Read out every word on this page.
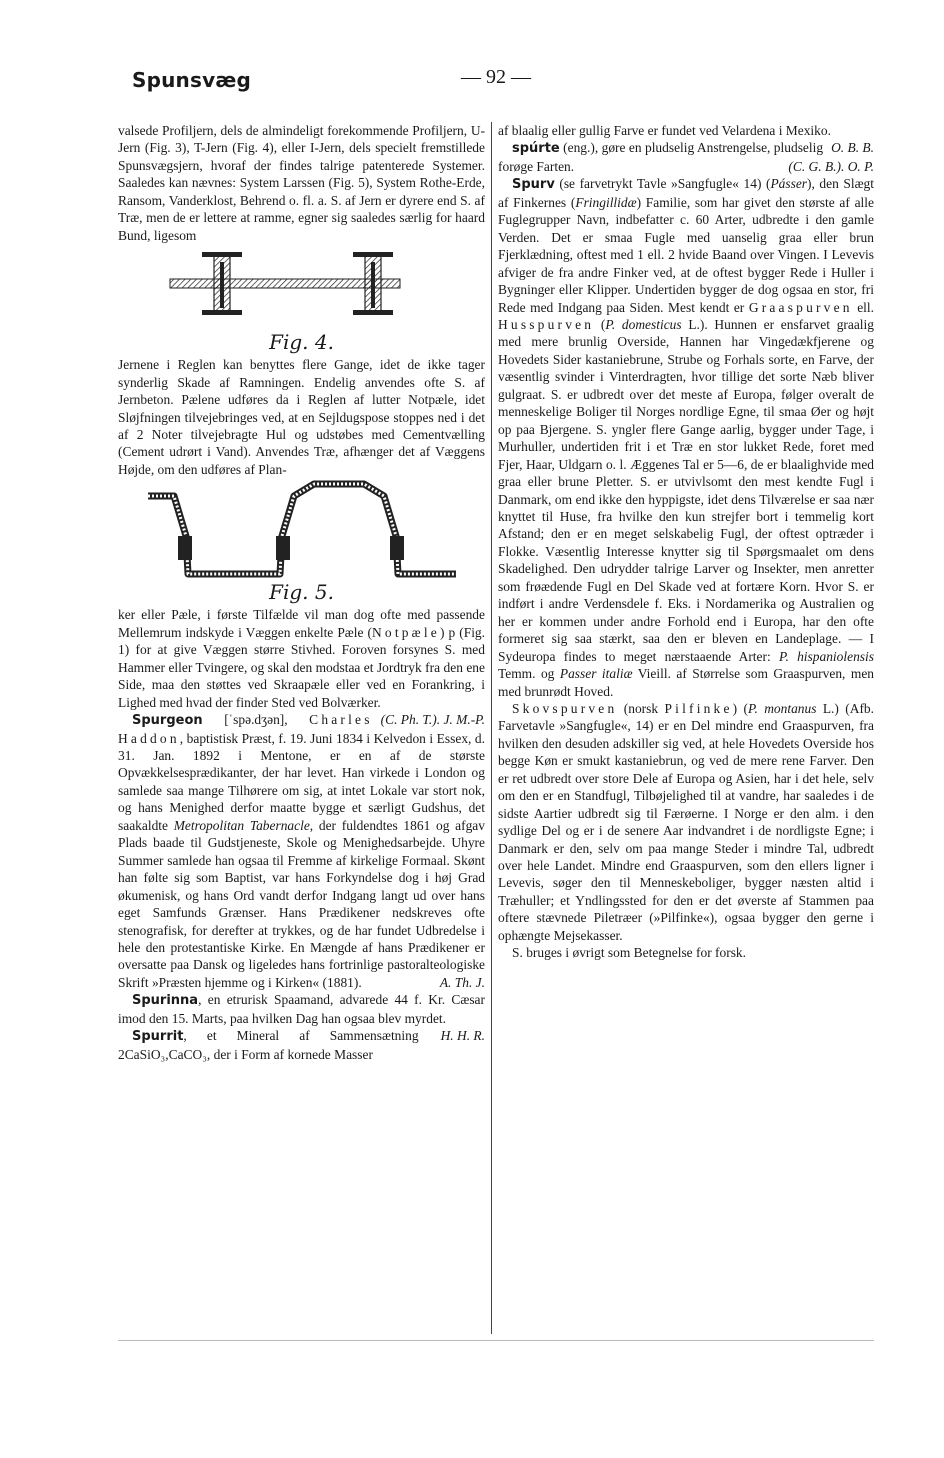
Spunsvæg	— 92 —

valsede Profiljern, dels de almindeligt forekommende Profiljern, U-Jern (Fig. 3), T-Jern (Fig. 4), eller I-Jern, dels specielt fremstillede Spunsvægsjern, hvoraf der findes talrige patenterede Systemer. Saaledes kan nævnes: System Larssen (Fig. 5), System Rothe-Erde, Ransom, Vanderklost, Behrend o. fl. a. S. af Jern er dyrere end S. af Træ, men de er lettere at ramme, egner sig saaledes særlig for haard Bund, ligesom

Fig. 4.

Jernene i Reglen kan benyttes flere Gange, idet de ikke tager synderlig Skade af Ramningen. Endelig anvendes ofte S. af Jernbeton. Pælene udføres da i Reglen af lutter Notpæle, idet Sløjfningen tilvejebringes ved, at en Sejldugspose stoppes ned i det af 2 Noter tilvejebragte Hul og udstøbes med Cementvælling (Cement udrørt i Vand). Anvendes Træ, afhænger det af Væggens Højde, om den udføres af Plan-

Fig. 5.

ker eller Pæle, i første Tilfælde vil man dog ofte med passende Mellemrum indskyde i Væggen enkelte Pæle (Notpæle) p (Fig. 1) for at give Væggen større Stivhed. Foroven forsynes S. med Hammer eller Tvingere, og skal den modstaa et Jordtryk fra den ene Side, maa den støttes ved Skraapæle eller ved en Forankring, i Lighed med hvad der finder Sted ved Bolværker.
(C. Ph. T.). J. M.-P.

Spurgeon [ˈspə.dʒən], Charles Haddon, baptistisk Præst, f. 19. Juni 1834 i Kelvedon i Essex, d. 31. Jan. 1892 i Mentone, er en af de største Opvækkelsesprædikanter, der har levet. Han virkede i London og samlede saa mange Tilhørere om sig, at intet Lokale var stort nok, og hans Menighed derfor maatte bygge et særligt Gudshus, det saakaldte Metropolitan Tabernacle, der fuldendtes 1861 og afgav Plads baade til Gudstjeneste, Skole og Menighedsarbejde. Uhyre Summer samlede han ogsaa til Fremme af kirkelige Formaal. Skønt han følte sig som Baptist, var hans Forkyndelse dog i høj Grad økumenisk, og hans Ord vandt derfor Indgang langt ud over hans eget Samfunds Grænser. Hans Prædikener nedskreves ofte stenografisk, for derefter at trykkes, og de har fundet Udbredelse i hele den protestantiske Kirke. En Mængde af hans Prædikener er oversatte paa Dansk og ligeledes hans fortrinlige pastoralteologiske Skrift »Præsten hjemme og i Kirken« (1881).	A. Th. J.

Spurinna, en etrurisk Spaamand, advarede 44 f. Kr. Cæsar imod den 15. Marts, paa hvilken Dag han ogsaa blev myrdet.
H. H. R.

Spurrit, et Mineral af Sammensætning 2CaSiO₃,CaCO₃, der i Form af kornede Masser

af blaalig eller gullig Farve er fundet ved Velardena i Mexiko.
O. B. B.

spúrte (eng.), gøre en pludselig Anstrengelse, pludselig forøge Farten.	(C. G. B.). O. P.

Spurv (se farvetrykt Tavle »Sangfugle« 14) (Pásser), den Slægt af Finkernes (Fringillidæ) Familie, som har givet den største af alle Fuglegrupper Navn, indbefatter c. 60 Arter, udbredte i den gamle Verden. Det er smaa Fugle med uanselig graa eller brun Fjerklædning, oftest med 1 ell. 2 hvide Baand over Vingen. I Levevis afviger de fra andre Finker ved, at de oftest bygger Rede i Huller i Bygninger eller Klipper. Undertiden bygger de dog ogsaa en stor, fri Rede med Indgang paa Siden. Mest kendt er Graaspurven ell. Husspurven (P. domesticus L.). Hunnen er ensfarvet graalig med mere brunlig Overside, Hannen har Vingedækfjerene og Hovedets Sider kastaniebrune, Strube og Forhals sorte, en Farve, der væsentlig svinder i Vinterdragten, hvor tillige det sorte Næb bliver gulgraat. S. er udbredt over det meste af Europa, følger overalt de menneskelige Boliger til Norges nordlige Egne, til smaa Øer og højt op paa Bjergene. S. yngler flere Gange aarlig, bygger under Tage, i Murhuller, undertiden frit i et Træ en stor lukket Rede, foret med Fjer, Haar, Uldgarn o. l. Æggenes Tal er 5—6, de er blaalighvide med graa eller brune Pletter. S. er utvivlsomt den mest kendte Fugl i Danmark, om end ikke den hyppigste, idet dens Tilværelse er saa nær knyttet til Huse, fra hvilke den kun strejfer bort i temmelig kort Afstand; den er en meget selskabelig Fugl, der oftest optræder i Flokke. Væsentlig Interesse knytter sig til Spørgsmaalet om dens Skadelighed. Den udrydder talrige Larver og Insekter, men anretter som frøædende Fugl en Del Skade ved at fortære Korn. Hvor S. er indført i andre Verdensdele f. Eks. i Nordamerika og Australien og her er kommen under andre Forhold end i Europa, har den ofte formeret sig saa stærkt, saa den er bleven en Landeplage. — I Sydeuropa findes to meget nærstaaende Arter: P. hispaniolensis Temm. og Passer italiæ Vieill. af Størrelse som Graaspurven, men med brunrødt Hoved.

Skovspurven (norsk Pilfinke) (P. montanus L.) (Afb. Farvetavle »Sangfugle«, 14) er en Del mindre end Graaspurven, fra hvilken den desuden adskiller sig ved, at hele Hovedets Overside hos begge Køn er smukt kastaniebrun, og ved de mere rene Farver. Den er ret udbredt over store Dele af Europa og Asien, har i det hele, selv om den er en Standfugl, Tilbøjelighed til at vandre, har saaledes i de sidste Aartier udbredt sig til Færøerne. I Norge er den alm. i den sydlige Del og er i de senere Aar indvandret i de nordligste Egne; i Danmark er den, selv om paa mange Steder i mindre Tal, udbredt over hele Landet. Mindre end Graaspurven, som den ellers ligner i Levevis, søger den til Menneskeboliger, bygger næsten altid i Træhuller; et Yndlingssted for den er det øverste af Stammen paa oftere stævnede Piletræer (»Pilfinke«), ogsaa bygger den gerne i ophængte Mejsekasser.

S. bruges i øvrigt som Betegnelse for forsk.
